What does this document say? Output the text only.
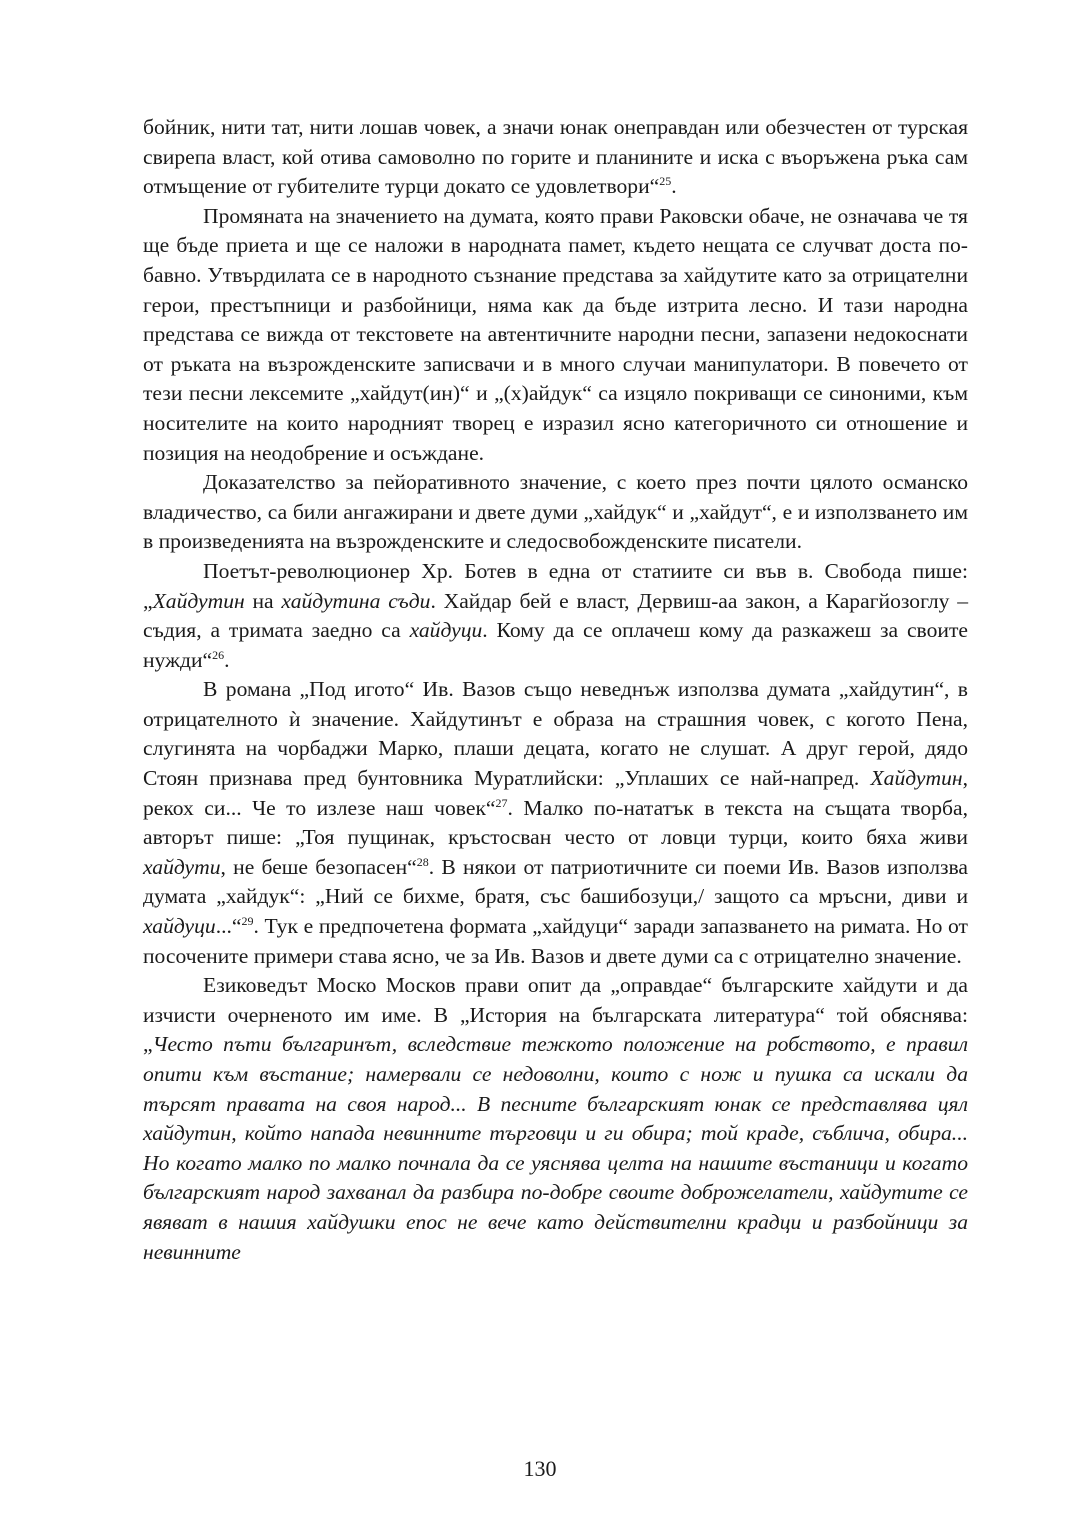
бойник, нити тат, нити лошав човек, а значи юнак онеправдан или обезчестен от турская свирепа власт, кой отива самоволно по горите и планините и иска с въоръжена ръка сам отмъщение от губителите турци докато се удовлетвори“$^{25}$.

Промяната на значението на думата, която прави Раковски обаче, не означава че тя ще бъде приета и ще се наложи в народната памет, където нещата се случват доста по-бавно. Утвърдилата се в народното съзнание представа за хайдутите като за отрицателни герои, престъпници и разбойници, няма как да бъде изтрита лесно. И тази народна представа се вижда от текстовете на автентичните народни песни, запазени недокоснати от ръката на възрожденските записвачи и в много случаи манипулатори. В повечето от тези песни лексемите „хайдут(ин)“ и „(х)айдук“ са изцяло покриващи се синоними, към носителите на които народният творец е изразил ясно категоричното си отношение и позиция на неодобрение и осъждане.

Доказателство за пейоративното значение, с което през почти цялото османско владичество, са били ангажирани и двете думи „хайдук“ и „хайдут“, е и използването им в произведенията на възрожденските и следосвобожденските писатели.

Поетът-революционер Хр. Ботев в една от статиите си във в. Свобода пише: „Хайдутин на хайдутина съди. Хайдар бей е власт, Дервиш-аа закон, а Карагйозоглу – съдия, а тримата заедно са хайдуци. Кому да се оплачеш кому да разкажеш за своите нужди“$^{26}$.

В романа „Под игото“ Ив. Вазов също неведнъж използва думата „хайдутин“, в отрицателното ѝ значение. Хайдутинът е образа на страшния човек, с когото Пена, слугинята на чорбаджи Марко, плаши децата, когато не слушат. А друг герой, дядо Стоян признава пред бунтовника Муратлийски: „Уплаших се най-напред. Хайдутин, рекох си... Че то излезе наш човек“$^{27}$. Малко по-нататък в текста на същата творба, авторът пише: „Тоя пущинак, кръстосван често от ловци турци, които бяха живи хайдути, не беше безопасен“$^{28}$. В някои от патриотичните си поеми Ив. Вазов използва думата „хайдук“: „Ний се бихме, братя, със башибозуци,/ защото са мръсни, диви и хайдуци...“$^{29}$. Тук е предпочетена формата „хайдуци“ заради запазването на римата. Но от посочените примери става ясно, че за Ив. Вазов и двете думи са с отрицателно значение.

Езиковедът Моско Москов прави опит да „оправдае“ българските хайдути и да изчисти очерненото им име. В „История на българската литература“ той обяснява: „Често пъти българинът, вследствие тежкото положение на робството, е правил опити към въстание; намервали се недоволни, които с нож и пушка са искали да търсят правата на своя народ... В песните българският юнак се представлява цял хайдутин, който напада невинните търговци и ги обира; той краде, съблича, обира... Но когато малко по малко почнала да се уяснява целта на нашите въстаници и когато българският народ захванал да разбира по-добре своите доброжелатели, хайдутите се явяват в нашия хайдушки епос не вече като действителни крадци и разбойници за невинните

130
